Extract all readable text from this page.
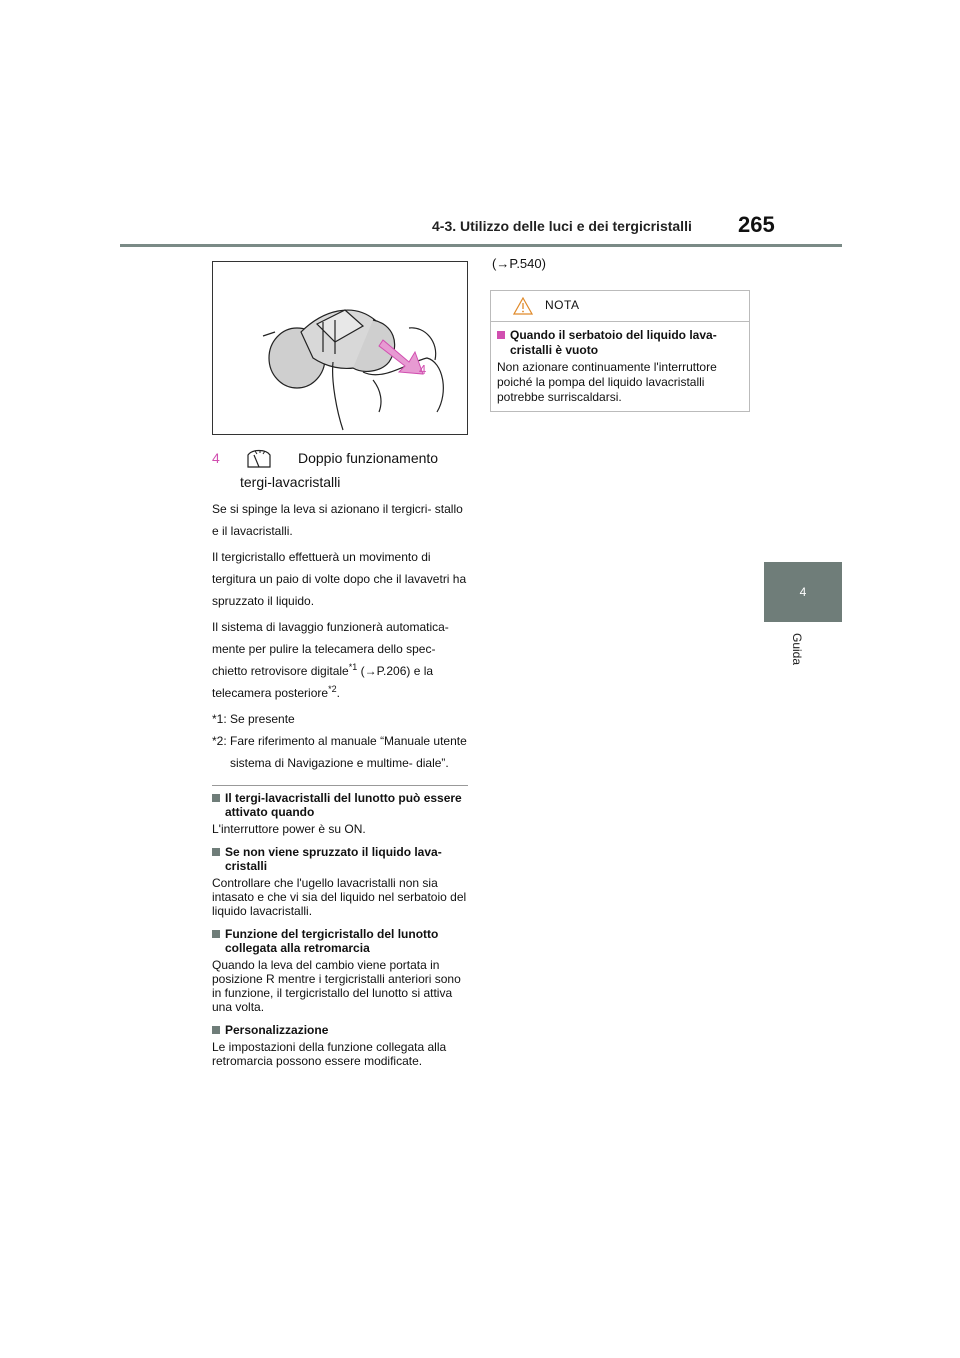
4-3. Utilizzo delle luci e dei tergicristalli 265
4
Guida
4
4	Doppio funzionamento
tergi-lavacristalli

Se si spinge la leva si azionano il tergicri- stallo e il lavacristalli.

Il tergicristallo effettuerà un movimento di tergitura un paio di volte dopo che il lavavetri ha spruzzato il liquido.

Il sistema di lavaggio funzionerà automatica- mente per pulire la telecamera dello spec- chietto retrovisore digitale$^{*1}$ (→P.206) e la telecamera posteriore$^{*2}$.

*1: Se presente
*2: Fare riferimento al manuale “Manuale utente sistema di Navigazione e multime- diale”.
Il tergi-lavacristalli del lunotto può essere attivato quando
L'interruttore power è su ON.
Se non viene spruzzato il liquido lava- cristalli
Controllare che l'ugello lavacristalli non sia intasato e che vi sia del liquido nel serbatoio del liquido lavacristalli.
Funzione del tergicristallo del lunotto collegata alla retromarcia
Quando la leva del cambio viene portata in posizione R mentre i tergicristalli anteriori sono in funzione, il tergicristallo del lunotto si attiva una volta.
Personalizzazione
Le impostazioni della funzione collegata alla retromarcia possono essere modificate.
(→P.540)
NOTA
Quando il serbatoio del liquido lava- cristalli è vuoto
Non azionare continuamente l'interruttore poiché la pompa del liquido lavacristalli potrebbe surriscaldarsi.
